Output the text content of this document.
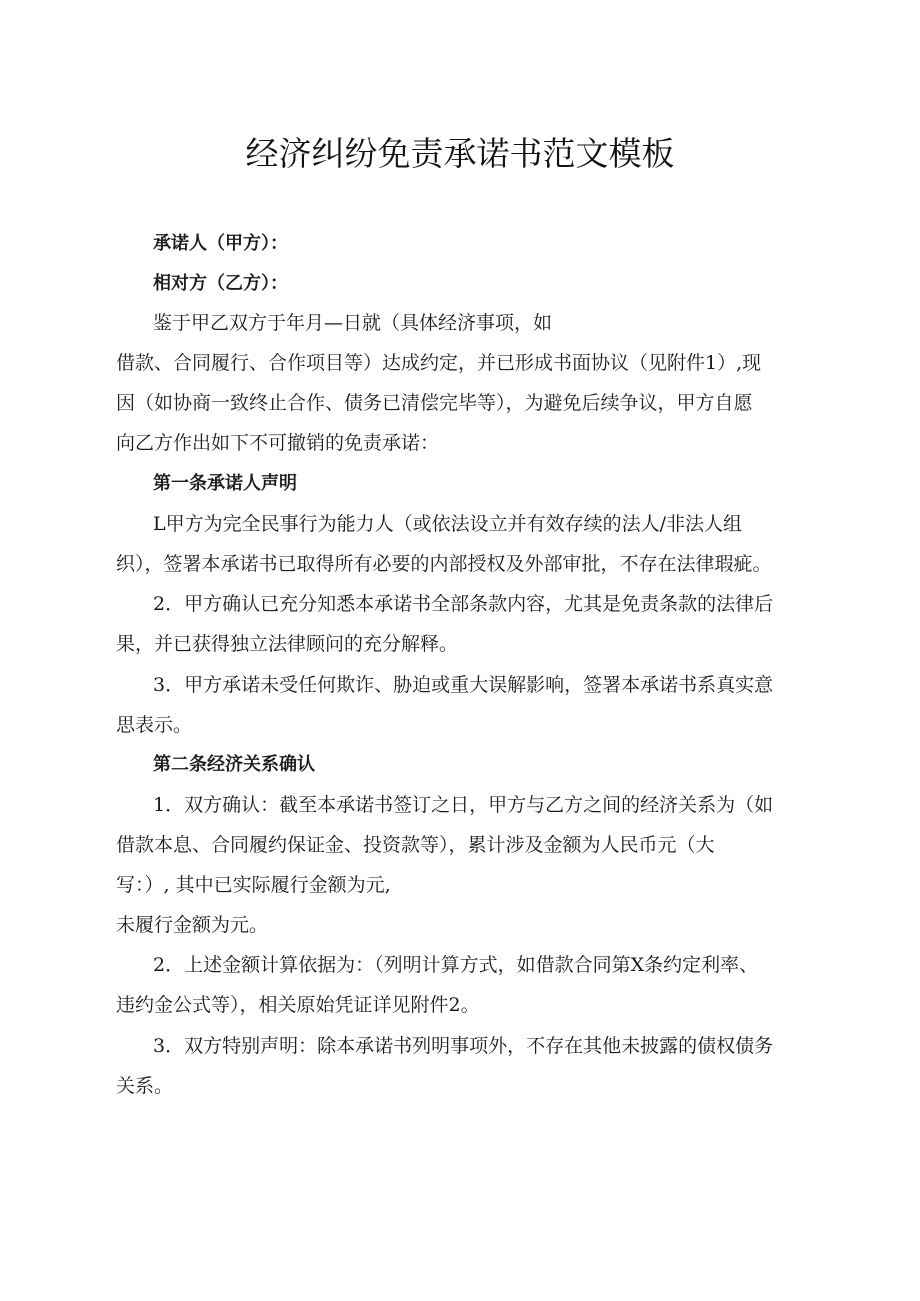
经济纠纷免责承诺书范文模板
承诺人（甲方）：
相对方（乙方）：
鉴于甲乙双方于年月—日就（具体经济事项，如
借款、合同履行、合作项目等）达成约定，并已形成书面协议（见附件1）,现
因（如协商一致终止合作、债务已清偿完毕等），为避免后续争议，甲方自愿
向乙方作出如下不可撤销的免责承诺：
第一条承诺人声明
L甲方为完全民事行为能力人（或依法设立并有效存续的法人/非法人组
织），签署本承诺书已取得所有必要的内部授权及外部审批，不存在法律瑕疵。
2．甲方确认已充分知悉本承诺书全部条款内容，尤其是免责条款的法律后
果，并已获得独立法律顾问的充分解释。
3．甲方承诺未受任何欺诈、胁迫或重大误解影响，签署本承诺书系真实意
思表示。
第二条经济关系确认
1．双方确认：截至本承诺书签订之日，甲方与乙方之间的经济关系为（如
借款本息、合同履约保证金、投资款等），累计涉及金额为人民币元（大
写：）, 其中已实际履行金额为元,
未履行金额为元。
2．上述金额计算依据为：（列明计算方式，如借款合同第X条约定利率、
违约金公式等），相关原始凭证详见附件2。
3．双方特别声明：除本承诺书列明事项外，不存在其他未披露的债权债务
关系。
